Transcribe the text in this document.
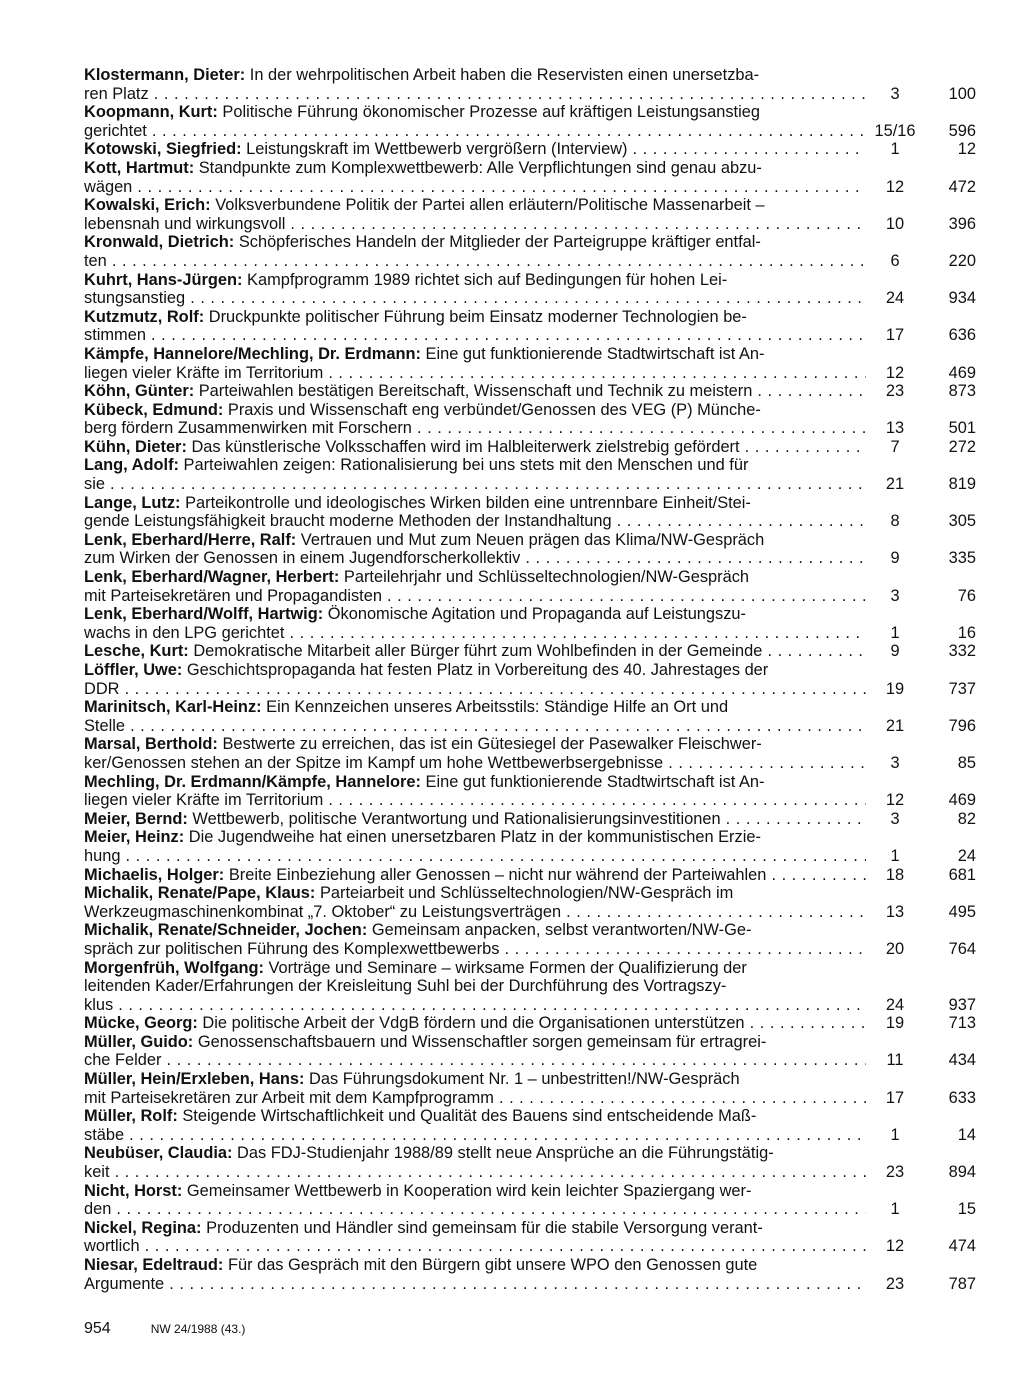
Klostermann, Dieter: In der wehrpolitischen Arbeit haben die Reservisten einen unersetzba-
ren Platz . . .	3	100
Koopmann, Kurt: Politische Führung ökonomischer Prozesse auf kräftigen Leistungsanstieg
gerichtet . . .	15/16	596
Kotowski, Siegfried: Leistungskraft im Wettbewerb vergrößern (Interview) . . .	1	12
Kott, Hartmut: Standpunkte zum Komplexwettbewerb: Alle Verpflichtungen sind genau abzu-
wägen . . .	12	472
Kowalski, Erich: Volksverbundene Politik der Partei allen erläutern/Politische Massenarbeit –
lebensnah und wirkungsvoll . . .	10	396
Kronwald, Dietrich: Schöpferisches Handeln der Mitglieder der Parteigruppe kräftiger entfal-
ten . . .	6	220
Kuhrt, Hans-Jürgen: Kampfprogramm 1989 richtet sich auf Bedingungen für hohen Lei-
stungsanstieg . . .	24	934
Kutzmutz, Rolf: Druckpunkte politischer Führung beim Einsatz moderner Technologien be-
stimmen . . .	17	636
Kämpfe, Hannelore/Mechling, Dr. Erdmann: Eine gut funktionierende Stadtwirtschaft ist An-
liegen vieler Kräfte im Territorium . . .	12	469
Köhn, Günter: Parteiwahlen bestätigen Bereitschaft, Wissenschaft und Technik zu meistern . . .	23	873
Kübeck, Edmund: Praxis und Wissenschaft eng verbündet/Genossen des VEG (P) Münche-
berg fördern Zusammenwirken mit Forschern . . .	13	501
Kühn, Dieter: Das künstlerische Volksschaffen wird im Halbleiterwerk zielstrebig gefördert . . .	7	272
Lang, Adolf: Parteiwahlen zeigen: Rationalisierung bei uns stets mit den Menschen und für
sie . . .	21	819
Lange, Lutz: Parteikontrolle und ideologisches Wirken bilden eine untrennbare Einheit/Stei-
gende Leistungsfähigkeit braucht moderne Methoden der Instandhaltung . . .	8	305
Lenk, Eberhard/Herre, Ralf: Vertrauen und Mut zum Neuen prägen das Klima/NW-Gespräch
zum Wirken der Genossen in einem Jugendforscherkollektiv . . .	9	335
Lenk, Eberhard/Wagner, Herbert: Parteilehrjahr und Schlüsseltechnologien/NW-Gespräch
mit Parteisekretären und Propagandisten . . .	3	76
Lenk, Eberhard/Wolff, Hartwig: Ökonomische Agitation und Propaganda auf Leistungszu-
wachs in den LPG gerichtet . . .	1	16
Lesche, Kurt: Demokratische Mitarbeit aller Bürger führt zum Wohlbefinden in der Gemeinde . . .	9	332
Löffler, Uwe: Geschichtspropaganda hat festen Platz in Vorbereitung des 40. Jahrestages der
DDR . . .	19	737
Marinitsch, Karl-Heinz: Ein Kennzeichen unseres Arbeitsstils: Ständige Hilfe an Ort und
Stelle . . .	21	796
Marsal, Berthold: Bestwerte zu erreichen, das ist ein Gütesiegel der Pasewalker Fleischwer-
ker/Genossen stehen an der Spitze im Kampf um hohe Wettbewerbsergebnisse . . .	3	85
Mechling, Dr. Erdmann/Kämpfe, Hannelore: Eine gut funktionierende Stadtwirtschaft ist An-
liegen vieler Kräfte im Territorium . . .	12	469
Meier, Bernd: Wettbewerb, politische Verantwortung und Rationalisierungsinvestitionen . . .	3	82
Meier, Heinz: Die Jugendweihe hat einen unersetzbaren Platz in der kommunistischen Erzie-
hung . . .	1	24
Michaelis, Holger: Breite Einbeziehung aller Genossen – nicht nur während der Parteiwahlen . . .	18	681
Michalik, Renate/Pape, Klaus: Parteiarbeit und Schlüsseltechnologien/NW-Gespräch im
Werkzeugmaschinenkombinat „7. Oktober“ zu Leistungsverträgen . . .	13	495
Michalik, Renate/Schneider, Jochen: Gemeinsam anpacken, selbst verantworten/NW-Ge-
spräch zur politischen Führung des Komplexwettbewerbs . . .	20	764
Morgenfrüh, Wolfgang: Vorträge und Seminare – wirksame Formen der Qualifizierung der
leitenden Kader/Erfahrungen der Kreisleitung Suhl bei der Durchführung des Vortragszy-
klus . . .	24	937
Mücke, Georg: Die politische Arbeit der VdgB fördern und die Organisationen unterstützen . . .	19	713
Müller, Guido: Genossenschaftsbauern und Wissenschaftler sorgen gemeinsam für ertragrei-
che Felder . . .	11	434
Müller, Hein/Erxleben, Hans: Das Führungsdokument Nr. 1 – unbestritten!/NW-Gespräch
mit Parteisekretären zur Arbeit mit dem Kampfprogramm . . .	17	633
Müller, Rolf: Steigende Wirtschaftlichkeit und Qualität des Bauens sind entscheidende Maß-
stäbe . . .	1	14
Neubüser, Claudia: Das FDJ-Studienjahr 1988/89 stellt neue Ansprüche an die Führungstätig-
keit . . .	23	894
Nicht, Horst: Gemeinsamer Wettbewerb in Kooperation wird kein leichter Spaziergang wer-
den . . .	1	15
Nickel, Regina: Produzenten und Händler sind gemeinsam für die stabile Versorgung verant-
wortlich . . .	12	474
Niesar, Edeltraud: Für das Gespräch mit den Bürgern gibt unsere WPO den Genossen gute
Argumente . . .	23	787
954	NW 24/1988 (43.)
